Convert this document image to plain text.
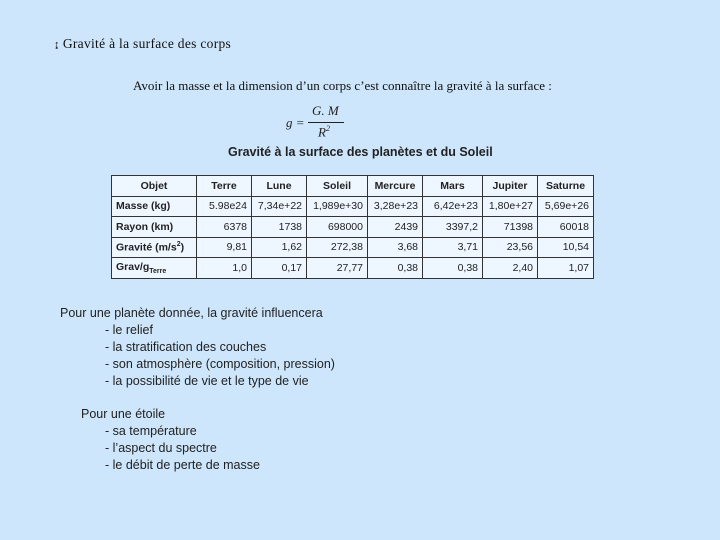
↨ Gravité à la surface des corps
Avoir la masse et la dimension d’un corps c’est connaître la gravité à la surface :
g =
G. M
$R^2$
Gravité à la surface des planètes et du Soleil
Objet	Terre	Lune	Soleil	Mercure	Mars	Jupiter	Saturne
Masse (kg)	5.98e24	7,34e+22	1,989e+30	3,28e+23	6,42e+23	1,80e+27	5,69e+26
Rayon (km)	6378	1738	698000	2439	3397,2	71398	60018
Gravité $(m/s^2)$	9,81	1,62	272,38	3,68	3,71	23,56	10,54
Grav/$g_{Terre}$	1,0	0,17	27,77	0,38	0,38	2,40	1,07
Pour une planète donnée, la gravité influencera
- le relief
- la stratification des couches
- son atmosphère (composition, pression)
- la possibilité de vie et le type de vie
Pour une étoile
- sa température
- l’aspect du spectre
- le débit de perte de masse
